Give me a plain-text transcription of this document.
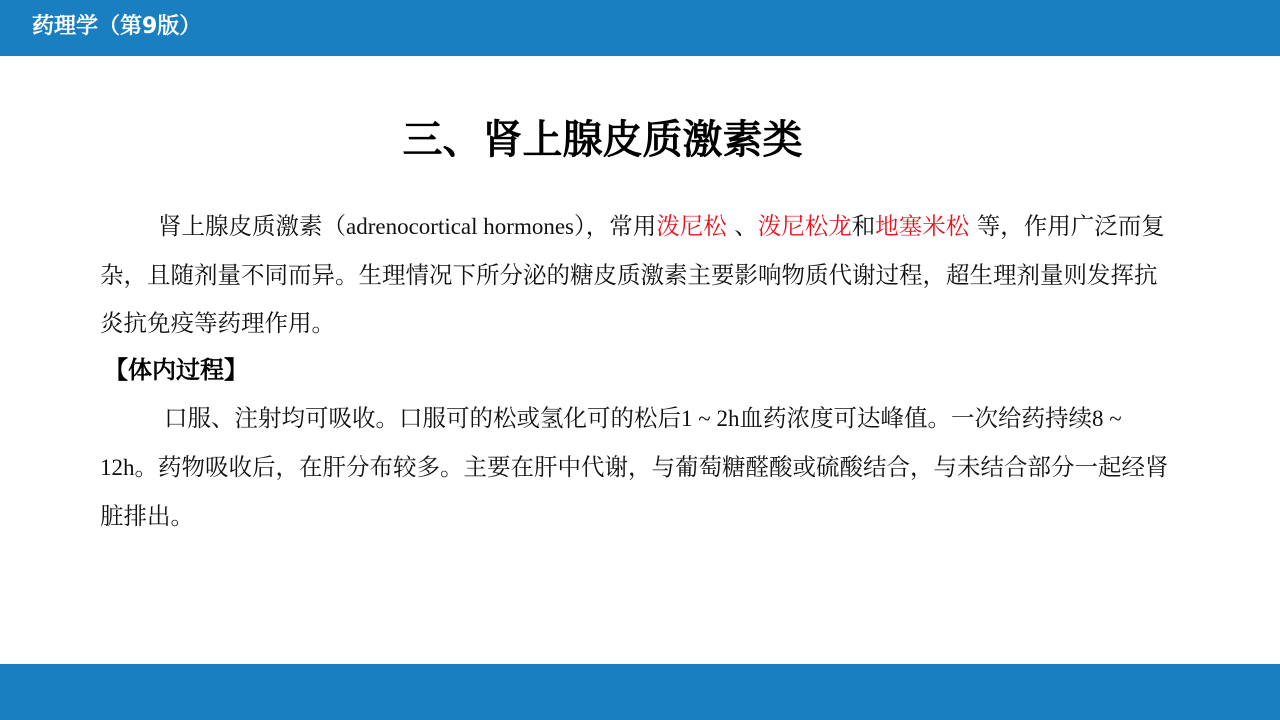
药理学（第9版）
三、肾上腺皮质激素类

肾上腺皮质激素（adrenocortical hormones），常用泼尼松 、泼尼松龙和地塞米松 等，作用广泛而复杂，且随剂量不同而异。生理情况下所分泌的糖皮质激素主要影响物质代谢过程，超生理剂量则发挥抗炎抗免疫等药理作用。

【体内过程】

口服、注射均可吸收。口服可的松或氢化可的松后1 ~ 2h血药浓度可达峰值。一次给药持续8 ~ 12h。药物吸收后，在肝分布较多。主要在肝中代谢，与葡萄糖醛酸或硫酸结合，与未结合部分一起经肾脏排出。
